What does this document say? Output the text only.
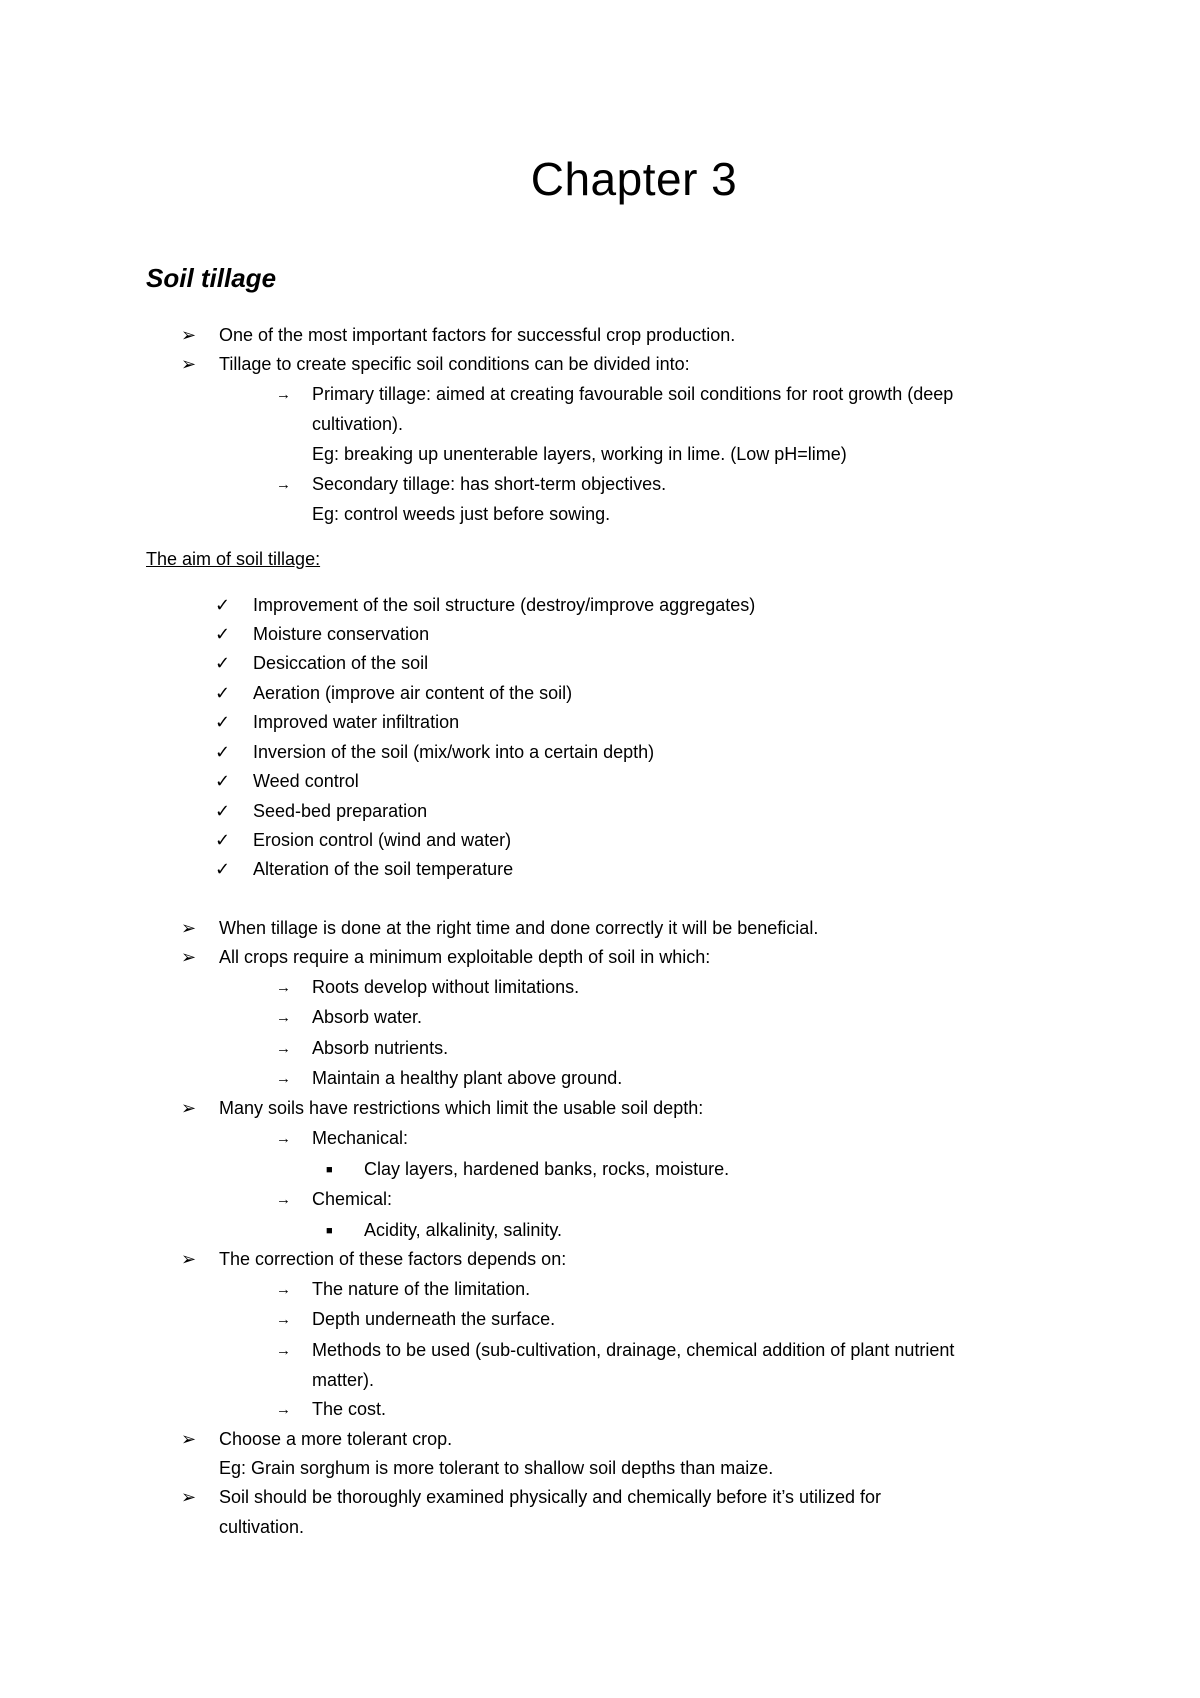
Chapter 3
Soil tillage
➢ One of the most important factors for successful crop production.
➢ Tillage to create specific soil conditions can be divided into:
→ Primary tillage: aimed at creating favourable soil conditions for root growth (deep
cultivation).
Eg: breaking up unenterable layers, working in lime. (Low pH=lime)
→ Secondary tillage: has short-term objectives.
Eg: control weeds just before sowing.
The aim of soil tillage:
✓ Improvement of the soil structure (destroy/improve aggregates)
✓ Moisture conservation
✓ Desiccation of the soil
✓ Aeration (improve air content of the soil)
✓ Improved water infiltration
✓ Inversion of the soil (mix/work into a certain depth)
✓ Weed control
✓ Seed-bed preparation
✓ Erosion control (wind and water)
✓ Alteration of the soil temperature
➢ When tillage is done at the right time and done correctly it will be beneficial.
➢ All crops require a minimum exploitable depth of soil in which:
→ Roots develop without limitations.
→ Absorb water.
→ Absorb nutrients.
→ Maintain a healthy plant above ground.
➢ Many soils have restrictions which limit the usable soil depth:
→ Mechanical:
■ Clay layers, hardened banks, rocks, moisture.
→ Chemical:
■ Acidity, alkalinity, salinity.
➢ The correction of these factors depends on:
→ The nature of the limitation.
→ Depth underneath the surface.
→ Methods to be used (sub-cultivation, drainage, chemical addition of plant nutrient
matter).
→ The cost.
➢ Choose a more tolerant crop.
Eg: Grain sorghum is more tolerant to shallow soil depths than maize.
➢ Soil should be thoroughly examined physically and chemically before it’s utilized for
cultivation.
